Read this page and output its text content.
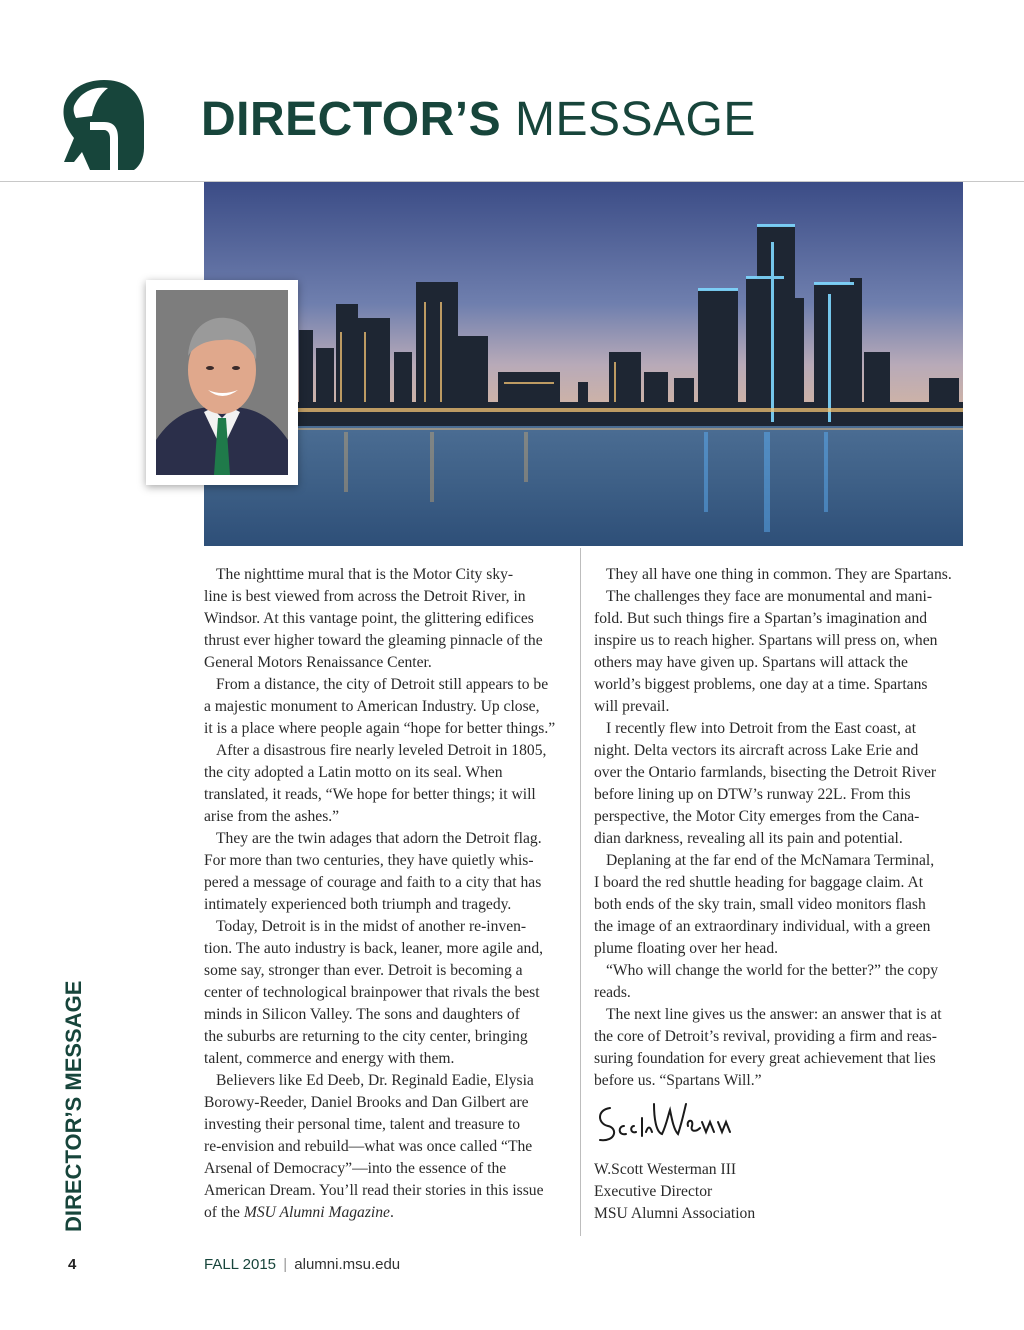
DIRECTOR’S MESSAGE

The nighttime mural that is the Motor City sky-

line is best viewed from across the Detroit River, in

Windsor. At this vantage point, the glittering edifices

thrust ever higher toward the gleaming pinnacle of the

General Motors Renaissance Center.

From a distance, the city of Detroit still appears to be

a majestic monument to American Industry. Up close,

it is a place where people again “hope for better things.”

After a disastrous fire nearly leveled Detroit in 1805,

the city adopted a Latin motto on its seal. When

translated, it reads, “We hope for better things; it will

arise from the ashes.”

They are the twin adages that adorn the Detroit flag.

For more than two centuries, they have quietly whis-

pered a message of courage and faith to a city that has

intimately experienced both triumph and tragedy.

Today, Detroit is in the midst of another re-inven-

tion. The auto industry is back, leaner, more agile and,

some say, stronger than ever. Detroit is becoming a

center of technological brainpower that rivals the best

minds in Silicon Valley. The sons and daughters of

the suburbs are returning to the city center, bringing

talent, commerce and energy with them.

Believers like Ed Deeb, Dr. Reginald Eadie, Elysia

Borowy-Reeder, Daniel Brooks and Dan Gilbert are

investing their personal time, talent and treasure to

re-envision and rebuild—what was once called “The

Arsenal of Democracy”—into the essence of the

American Dream. You’ll read their stories in this issue

of the MSU Alumni Magazine.

They all have one thing in common. They are Spartans.

The challenges they face are monumental and mani-

fold. But such things fire a Spartan’s imagination and

inspire us to reach higher. Spartans will press on, when

others may have given up. Spartans will attack the

world’s biggest problems, one day at a time. Spartans

will prevail.

I recently flew into Detroit from the East coast, at

night. Delta vectors its aircraft across Lake Erie and

over the Ontario farmlands, bisecting the Detroit River

before lining up on DTW’s runway 22L. From this

perspective, the Motor City emerges from the Cana-

dian darkness, revealing all its pain and potential.

Deplaning at the far end of the McNamara Terminal,

I board the red shuttle heading for baggage claim. At

both ends of the sky train, small video monitors flash

the image of an extraordinary individual, with a green

plume floating over her head.

“Who will change the world for the better?” the copy

reads.

The next line gives us the answer: an answer that is at

the core of Detroit’s revival, providing a firm and reas-

suring foundation for every great achievement that lies

before us. “Spartans Will.”

W.Scott Westerman III
Executive Director
MSU Alumni Association
DIRECTOR’S MESSAGE
4	FALL 2015 | alumni.msu.edu
